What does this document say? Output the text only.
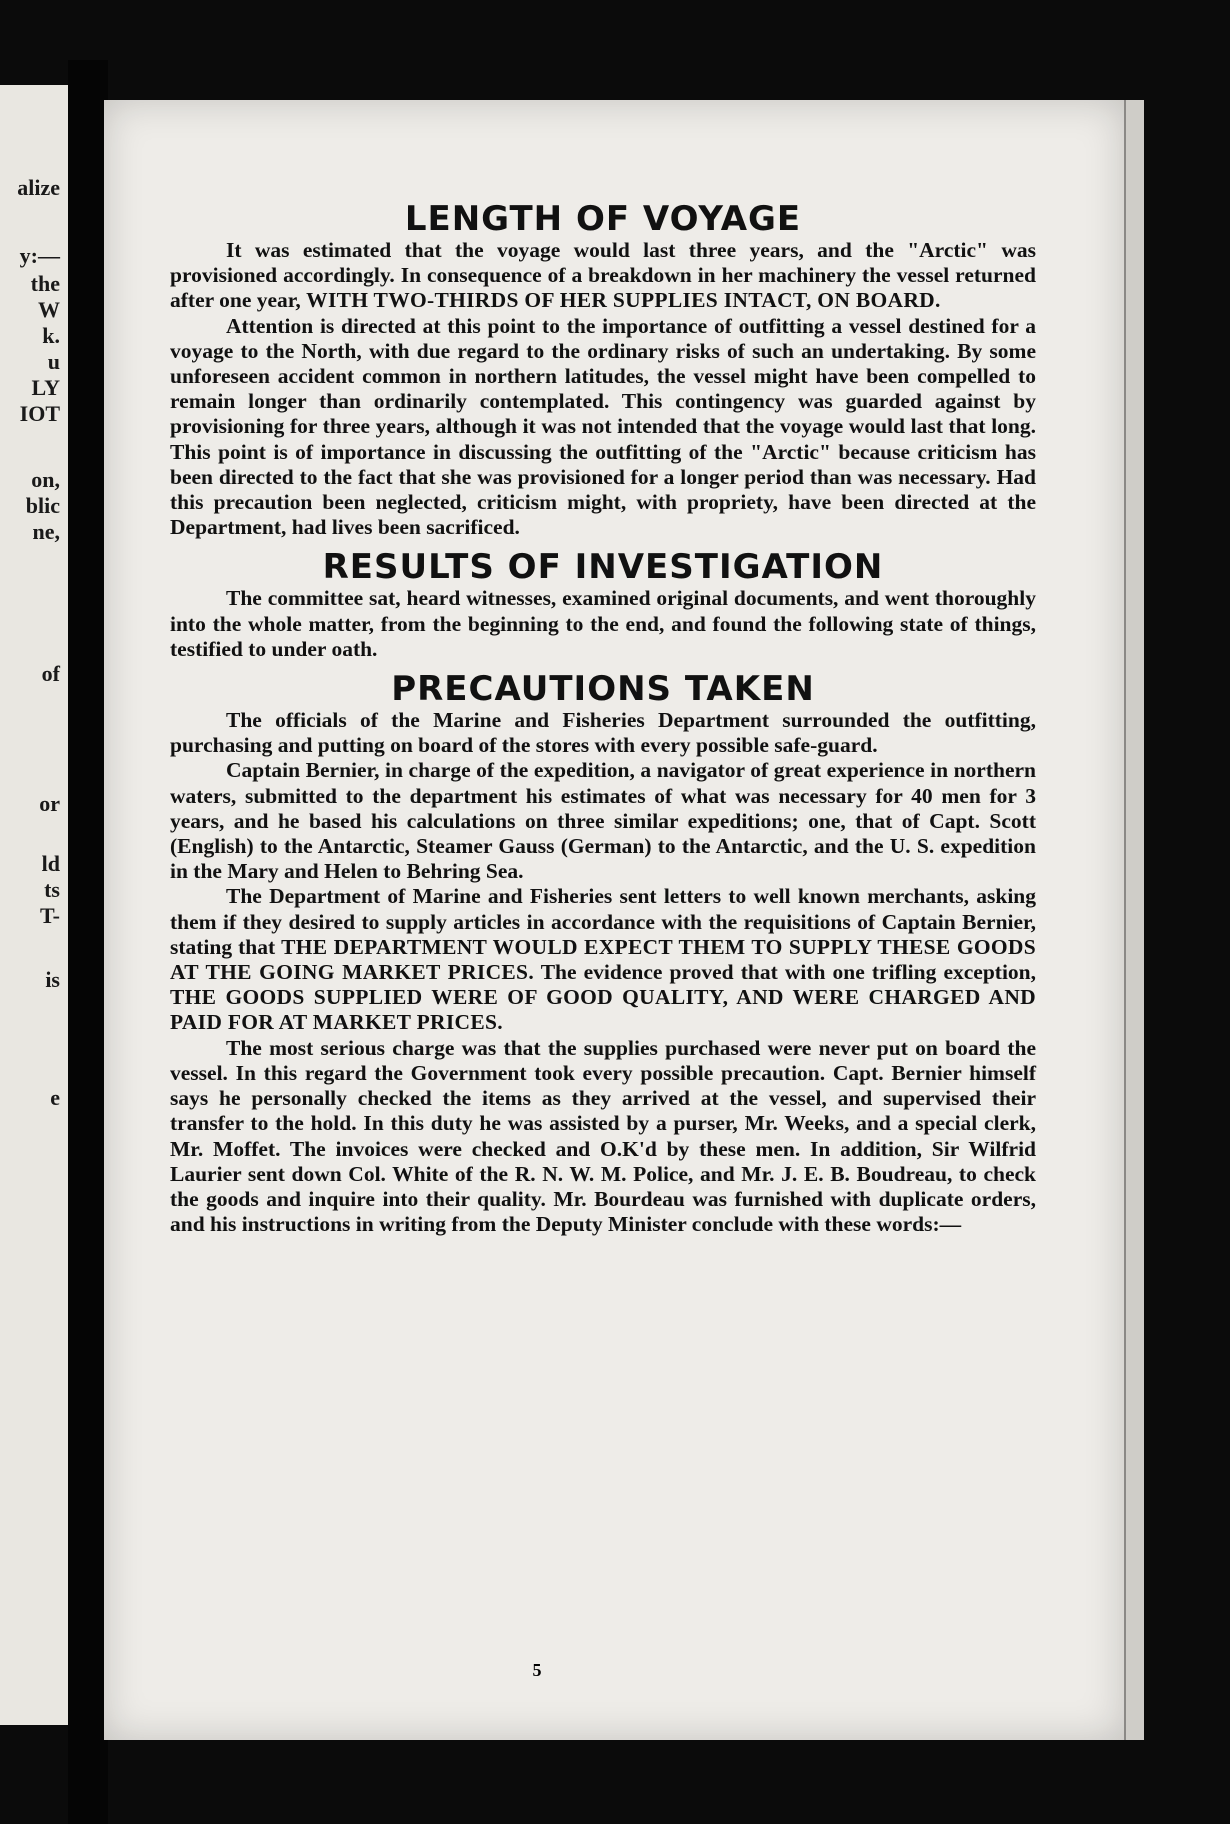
alize
y:—
the
W
k.
u
LY
IOT
on,
blic
ne,
of
or
ld
ts
T-
is
e
LENGTH OF VOYAGE

It was estimated that the voyage would last three years, and the "Arctic" was provisioned accordingly. In consequence of a breakdown in her machinery the vessel returned after one year, WITH TWO-THIRDS OF HER SUPPLIES INTACT, ON BOARD.

Attention is directed at this point to the importance of outfitting a vessel destined for a voyage to the North, with due regard to the ordinary risks of such an undertaking. By some unforeseen accident common in northern latitudes, the vessel might have been compelled to remain longer than ordinarily contemplated. This contingency was guarded against by provisioning for three years, although it was not intended that the voyage would last that long. This point is of importance in discussing the outfitting of the "Arctic" because criticism has been directed to the fact that she was provisioned for a longer period than was necessary. Had this precaution been neglected, criticism might, with propriety, have been directed at the Department, had lives been sacrificed.

RESULTS OF INVESTIGATION

The committee sat, heard witnesses, examined original documents, and went thoroughly into the whole matter, from the beginning to the end, and found the following state of things, testified to under oath.

PRECAUTIONS TAKEN

The officials of the Marine and Fisheries Department surrounded the outfitting, purchasing and putting on board of the stores with every possible safe-guard.

Captain Bernier, in charge of the expedition, a navigator of great experience in northern waters, submitted to the department his estimates of what was necessary for 40 men for 3 years, and he based his calculations on three similar expeditions; one, that of Capt. Scott (English) to the Antarctic, Steamer Gauss (German) to the Antarctic, and the U. S. expedition in the Mary and Helen to Behring Sea.

The Department of Marine and Fisheries sent letters to well known merchants, asking them if they desired to supply articles in accordance with the requisitions of Captain Bernier, stating that THE DEPARTMENT WOULD EXPECT THEM TO SUPPLY THESE GOODS AT THE GOING MARKET PRICES. The evidence proved that with one trifling exception, THE GOODS SUPPLIED WERE OF GOOD QUALITY, AND WERE CHARGED AND PAID FOR AT MARKET PRICES.

The most serious charge was that the supplies purchased were never put on board the vessel. In this regard the Government took every possible precaution. Capt. Bernier himself says he personally checked the items as they arrived at the vessel, and supervised their transfer to the hold. In this duty he was assisted by a purser, Mr. Weeks, and a special clerk, Mr. Moffet. The invoices were checked and O.K'd by these men. In addition, Sir Wilfrid Laurier sent down Col. White of the R. N. W. M. Police, and Mr. J. E. B. Boudreau, to check the goods and inquire into their quality. Mr. Bourdeau was furnished with duplicate orders, and his instructions in writing from the Deputy Minister conclude with these words:—

5
